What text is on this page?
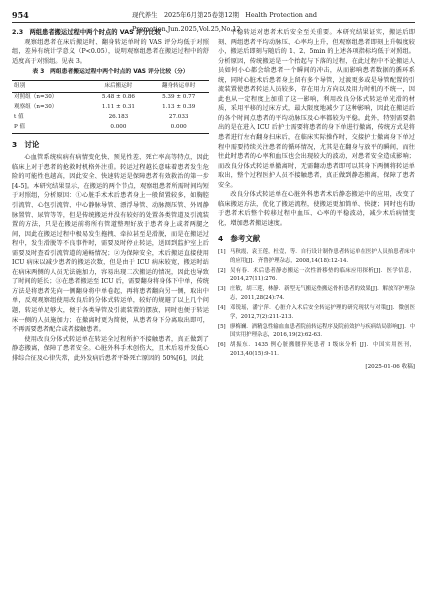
954	现代养生　2025年6月第25卷第12期　Health Protection and Promotion,Jun.2025,Vol.25,No.12

2.3　两组患者搬运过程中两个时点的 VAS 评分比较

观察组患者在床后搬运时、翻身转运单时的 VAS 评分均低于对照组，差异有统计学意义（P<0.05），说明观察组患者在搬运过程中的舒适度高于对照组。见表 3。

表 3　两组患者搬运过程中两个时点的 VAS 评分比较（分）

组别	床后搬运时	翻身转运单时
对照组（n=30）	5.48 ± 0.86	5.39 ± 0.77
观察组（n=30）	1.11 ± 0.31	1.13 ± 0.39
t 值	26.183	27.033
P 值	0.000	0.000

3　讨论

心血管系统疾病有病情变化快、预见性差、死亡率高等特点，因此临床上对于患者的抢救时机格外注重。转运过程越长意味着患者发生危险的可能性也越高，因此安全、快速转运是保障患者有效救治的第一步[4-5]。本研究结果显示，在搬运的两个节点，观察组患者所需时间均短于对照组，分析原因：①心脏手术术后患者身上一般留置较多，如胸腔引流管、心包引流管、中心静脉导管、漂浮导管、动脉测压管、外周静脉置管、尿管等等，但是传统搬运并没有较好的处置各类管道及引流装置的方法，只是在搬运前将所有管道整理好放于患者身上或者两腿之间，因此在搬运过程中极易发生拖拽、牵拉甚至是滑脱，而是在搬运过程中，发生滑脱等不良事件时，需要及时停止转运，送回到监护室上后需要及时查看引流管道的通畅情况；②为保障安全，术后搬运直接使用 ICU 病床以减少患者的搬运次数，但是由于 ICU 病床较宽，搬运时站在病床两侧的人员无法施加力，容易出现二次搬运的情况，因此也导致了时间的延长；③在患者搬运至 ICU 后，需要翻身将身体下中单，传统方法是将患者先向一侧翻身将中单卷起，再将患者翻向另一侧，取出中单，反观观察组使用改良后的分体式转运单，较好的规避了以上几个问题，转运单足够大，便于各类导管及引流装置的摆放，同时也便于转运床一侧的人员施加力；在撤离时更为简便，从患者身下分离取出即可，不再需要患者配合或者接触患者。

使用改良分体式转运单在转运全过程所护不接触患者，真正做到了静态搬离，保障了患者安全。心脏外科手术创伤大，且术后易并发低心排综合征及心律失常，此外发病后患者平卧死亡原因的 50%[6]，因此

平稳转运对患者术后安全至关重要。本研究结果证实，搬运后即刻、两组患者平均动脉压、心率均上升，但观察组患者即刻上升幅度较小，搬运后即刻与随后的 1、2、5min 的上述各项指标均低于对照组。分析原因，传统搬运是一个抬起与下落的过程，在此过程中不论搬运人员如何小心都会给患者一个瞬间的冲击，从而影响患者数据的循环系统，同时心脏术后患者身上留有多个导管，过渡更多或是导管配置的引流装置使患者转运人员较多，存在用力方向以及用力时机的不统一，因此也从一定程度上加重了这一影响，利用改良分体式转运单光滑的材质，采用平移的过床方式，最大限度地减少了这种影响，因此在搬运后的各个时间点患者的平均动脉压及心率都较为平稳。此外，特别需要指出的是在进入 ICU 后护士需要将患者的身下单进行撤离，传统方式是将患者进行左右翻身扫床后，在临床实际操作时，交接护士撤离身下单过程中需要持续关注患者的循环情况，尤其是在翻身与放平的瞬间，而往往此时患者的心率和血压也会出现较大的波动，对患者安全造成影响；而改良分体式转运单撤离时，无需翻动患者即可以其身下两侧将转运单取出，整个过程医护人员不接触患者，真正做到静态搬离，保障了患者安全。

改良分体式转运单在心脏外科患者术后静态搬运中的应用，改变了临床搬运方法，优化了搬运流程，使搬运更加简单、快捷；同时也有助于患者术后整个转移过程中血压、心率的平稳波动，减少术后病情变化，增加患者搬运速度。

4　参考文献

[1] 马秋霞，袁王莲，杜壹，等．自行设计制作患者转运单在医护人员抬患者床中的应用[J]．齐鲁护理杂志，2008,14(18):12-14．
[2] 吴有春．术后患者静态搬运一次性滑移垫的临床应用探析[J]．医学信息，2014,27(11):276．
[3] 庄敏，胡三莲，林静．新型无气搬运垫搬运骨折患者的效果[J]．解放军护理杂志，2011,28(24):74．
[4] 邓锐瑶，潘宁萍．心脏介入术后安全转运护理的研究现状与对策[J]．微创医学，2012,7(2):211-213．
[5] 廖梅斓．酒精急性输血血患者院前转运程序及院前效护与疾病结局影响[J]．中国实用护理杂志，2016,19(2):62-63．
[6] 胡振东．1435 例心脏搬腰猝死患者 I 级床分析 [J]．中国实用医刊，2013,40(15):9-11．

[2025-01-06 收稿]
